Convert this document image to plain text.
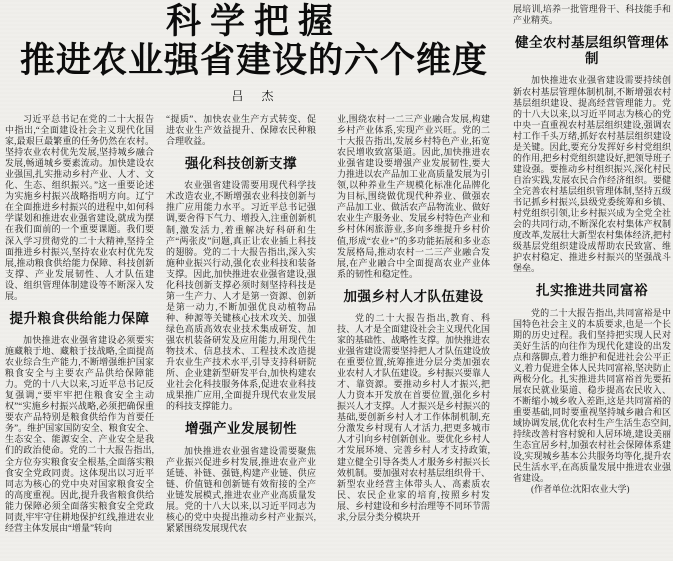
科学把握
推进农业强省建设的六个维度
吕　杰

习近平总书记在党的二十大报告中指出,“全面建设社会主义现代化国家,最艰巨最繁重的任务仍然在农村。坚持农业农村优先发展,坚持城乡融合发展,畅通城乡要素流动。加快建设农业强国,扎实推动乡村产业、人才、文化、生态、组织振兴。”这一重要论述为实施乡村振兴战略指明方向。辽宁在全面推进乡村振兴的进程中,如何科学谋划和推进农业强省建设,就成为摆在我们面前的一个重要课题。我们要深入学习贯彻党的二十大精神,坚持全面推进乡村振兴,坚持农业农村优先发展,推动粮食供给能力保障、科技创新支撑、产业发展韧性、人才队伍建设、组织管理体制建设等不断深入发展。

提升粮食供给能力保障

加快推进农业强省建设必须要实施藏粮于地、藏粮于技战略,全面提高农业综合生产能力,不断增强维护国家粮食安全与主要农产品供给保障能力。党的十八大以来,习近平总书记反复强调,“要牢牢把住粮食安全主动权”“实施乡村振兴战略,必须把确保重要农产品特别是粮食供给作为首要任务”。维护国家国防安全、粮食安全、生态安全、能源安全、产业安全是我们的政治使命。党的二十大报告指出,全方位夯实粮食安全根基,全面落实粮食安全党政同责。这体现出以习近平同志为核心的党中央对国家粮食安全的高度重视。因此,提升我省粮食供给能力保障必须全面落实粮食安全党政同责,牢牢守住耕地保护红线,推进农业经营主体发展由“增量”转向

“提质”、加快农业生产方式转变、促进农业生产效益提升、保障农民种粮合理收益。

强化科技创新支撑

农业强省建设需要用现代科学技术改造农业,不断增强农业科技创新与推广应用能力水平。习近平总书记强调,要舍得下气力、增投入,注重创新机制,激发活力,着重解决好科研和生产“两张皮”问题,真正让农业插上科技的翅膀。党的二十大报告指出,深入实施种业振兴行动,强化农业科技和装备支撑。因此,加快推进农业强省建设,强化科技创新支撑必须时刻坚持科技是第一生产力、人才是第一资源、创新是第一动力,不断加强优良动植物品种、种源等关键核心技术攻关、加强绿色高质高效农业技术集成研发、加强农机装备研发及应用能力,用现代生物技术、信息技术、工程技术改造提升农业生产技术水平,引导支持科研院所、企业建新型研发平台,加快构建农业社会化科技服务体系,促进农业科技成果推广应用,全面提升现代农业发展的科技支撑能力。

增强产业发展韧性

加快推进农业强省建设需要聚焦产业振兴促进乡村发展,推进农业产业延链、补链、强链,构建产业链、供应链、价值链和创新链有效衔接的全产业链发展模式,推进农业产业高质量发展。党的十八大以来,以习近平同志为核心的党中央提出推动乡村产业振兴,紧紧围绕发展现代农

业,围绕农村一二三产业融合发展,构建乡村产业体系,实现产业兴旺。党的二十大报告指出,发展乡村特色产业,拓宽农民增收致富渠道。因此,加快推进农业强省建设要增强产业发展韧性,要大力推进以农产品加工业高质量发展为引领,以种养业生产规模化标准化品牌化为目标,围绕做优现代种养业、做强农产品加工业、做活农产品物流业、做好农业生产服务业、发展乡村特色产业和乡村休闲旅游业,多向多维提升乡村价值,形成“农业+”的多功能拓展和多业态发展格局,推动农村一二三产业融合发展,在产业融合中全面提高农业产业体系的韧性和稳定性。

加强乡村人才队伍建设

党的二十大报告指出,教育、科技、人才是全面建设社会主义现代化国家的基础性、战略性支撑。加快推进农业强省建设需要坚持把人才队伍建设放在重要位置,统筹推进分层分类加强农业农村人才队伍建设。乡村振兴要靠人才、靠资源。要推动乡村人才振兴,把人力资本开发放在首要位置,强化乡村振兴人才支撑。人才振兴是乡村振兴的基础,要创新乡村人才工作体制机制,充分激发乡村现有人才活力,把更多城市人才引向乡村创新创业。要优化乡村人才发展环境、完善乡村人才支持政策,建立健全引导各类人才服务乡村振兴长效机制。要加强对农村基层组织骨干、新型农业经营主体带头人、高素质农民、农民企业家的培育,按照乡村发展、乡村建设和乡村治理等不同环节需求,分层分类分模块开

展培训,培养一批管理骨干、科技能手和产业精英。

健全农村基层组织管理体制

加快推进农业强省建设需要持续创新农村基层管理体制机制,不断增强农村基层组织建设、提高经营管理能力。党的十八大以来,以习近平同志为核心的党中央一直重视农村基层组织建设,强调农村工作千头万绪,抓好农村基层组织建设是关键。因此,要充分发挥好乡村党组织的作用,把乡村党组织建设好,把领导班子建设强。要推动乡村组织振兴,深化村民自治实践,发展农民合作经济组织。要健全完善农村基层组织管理体制,坚持五级书记抓乡村振兴,县级党委统筹和乡镇、村党组织引领,让乡村振兴成为全党全社会的共同行动,不断深化农村集体产权制度改革,发展壮大新型农村集体经济,把村级基层党组织建设成帮助农民致富、维护农村稳定、推进乡村振兴的坚强战斗堡垒。

扎实推进共同富裕

党的二十大报告指出,共同富裕是中国特色社会主义的本质要求,也是一个长期的历史过程。我们坚持把实现人民对美好生活的向往作为现代化建设的出发点和落脚点,着力维护和促进社会公平正义,着力促进全体人民共同富裕,坚决防止两极分化。扎实推进共同富裕首先要拓展农民就业渠道、稳步提高农民收入、不断缩小城乡收入差距,这是共同富裕的重要基础,同时要重视坚持城乡融合和区域协调发展,优化农村生产生活生态空间,持续改善村容村貌和人居环境,建设美丽生态宜居乡村,加强农村社会保障体系建设,实现城乡基本公共服务均等化,提升农民生活水平,在高质量发展中推进农业强省建设。

(作者单位:沈阳农业大学)
